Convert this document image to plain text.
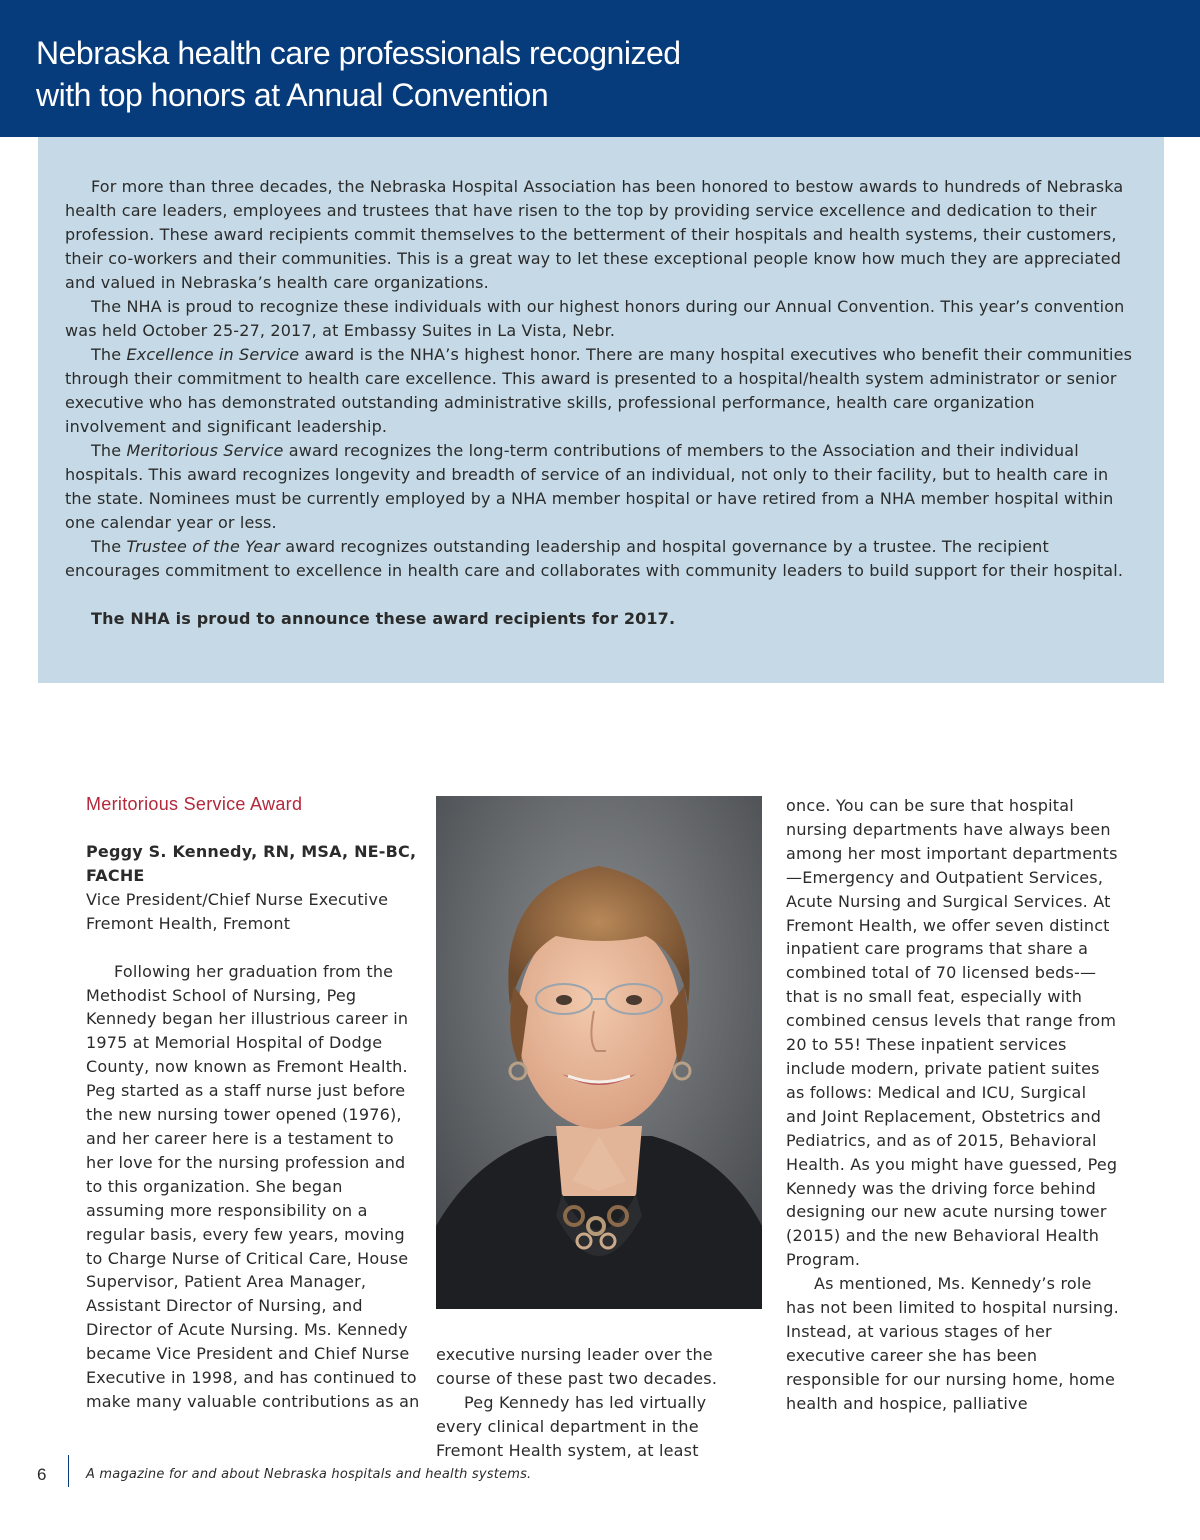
Nebraska health care professionals recognized
with top honors at Annual Convention

For more than three decades, the Nebraska Hospital Association has been honored to bestow awards to hundreds of Nebraska health care leaders, employees and trustees that have risen to the top by providing service excellence and dedication to their profession. These award recipients commit themselves to the betterment of their hospitals and health systems, their customers, their co-workers and their communities. This is a great way to let these exceptional people know how much they are appreciated and valued in Nebraska’s health care organizations.

The NHA is proud to recognize these individuals with our highest honors during our Annual Convention. This year’s convention was held October 25-27, 2017, at Embassy Suites in La Vista, Nebr.

The Excellence in Service award is the NHA’s highest honor. There are many hospital executives who benefit their communities through their commitment to health care excellence. This award is presented to a hospital/health system administrator or senior executive who has demonstrated outstanding administrative skills, professional performance, health care organization involvement and significant leadership.

The Meritorious Service award recognizes the long-term contributions of members to the Association and their individual hospitals. This award recognizes longevity and breadth of service of an individual, not only to their facility, but to health care in the state. Nominees must be currently employed by a NHA member hospital or have retired from a NHA member hospital within one calendar year or less.

The Trustee of the Year award recognizes outstanding leadership and hospital governance by a trustee. The recipient encourages commitment to excellence in health care and collaborates with community leaders to build support for their hospital.

The NHA is proud to announce these award recipients for 2017.

Meritorious Service Award

Peggy S. Kennedy, RN, MSA, NE-BC, FACHE

Vice President/Chief Nurse Executive

Fremont Health, Fremont

Following her graduation from the Methodist School of Nursing, Peg Kennedy began her illustrious career in 1975 at Memorial Hospital of Dodge County, now known as Fremont Health. Peg started as a staff nurse just before the new nursing tower opened (1976), and her career here is a testament to her love for the nursing profession and to this organization. She began assuming more responsibility on a regular basis, every few years, moving to Charge Nurse of Critical Care, House Supervisor, Patient Area Manager, Assistant Director of Nursing, and Director of Acute Nursing. Ms. Kennedy became Vice President and Chief Nurse Executive in 1998, and has continued to make many valuable contributions as an

executive nursing leader over the course of these past two decades.

Peg Kennedy has led virtually every clinical department in the Fremont Health system, at least

once. You can be sure that hospital nursing departments have always been among her most important departments—Emergency and Outpatient Services, Acute Nursing and Surgical Services. At Fremont Health, we offer seven distinct inpatient care programs that share a combined total of 70 licensed beds-—that is no small feat, especially with combined census levels that range from 20 to 55! These inpatient services include modern, private patient suites as follows: Medical and ICU, Surgical and Joint Replacement, Obstetrics and Pediatrics, and as of 2015, Behavioral Health. As you might have guessed, Peg Kennedy was the driving force behind designing our new acute nursing tower (2015) and the new Behavioral Health Program.

As mentioned, Ms. Kennedy’s role has not been limited to hospital nursing. Instead, at various stages of her executive career she has been responsible for our nursing home, home health and hospice, palliative

6	A magazine for and about Nebraska hospitals and health systems.
